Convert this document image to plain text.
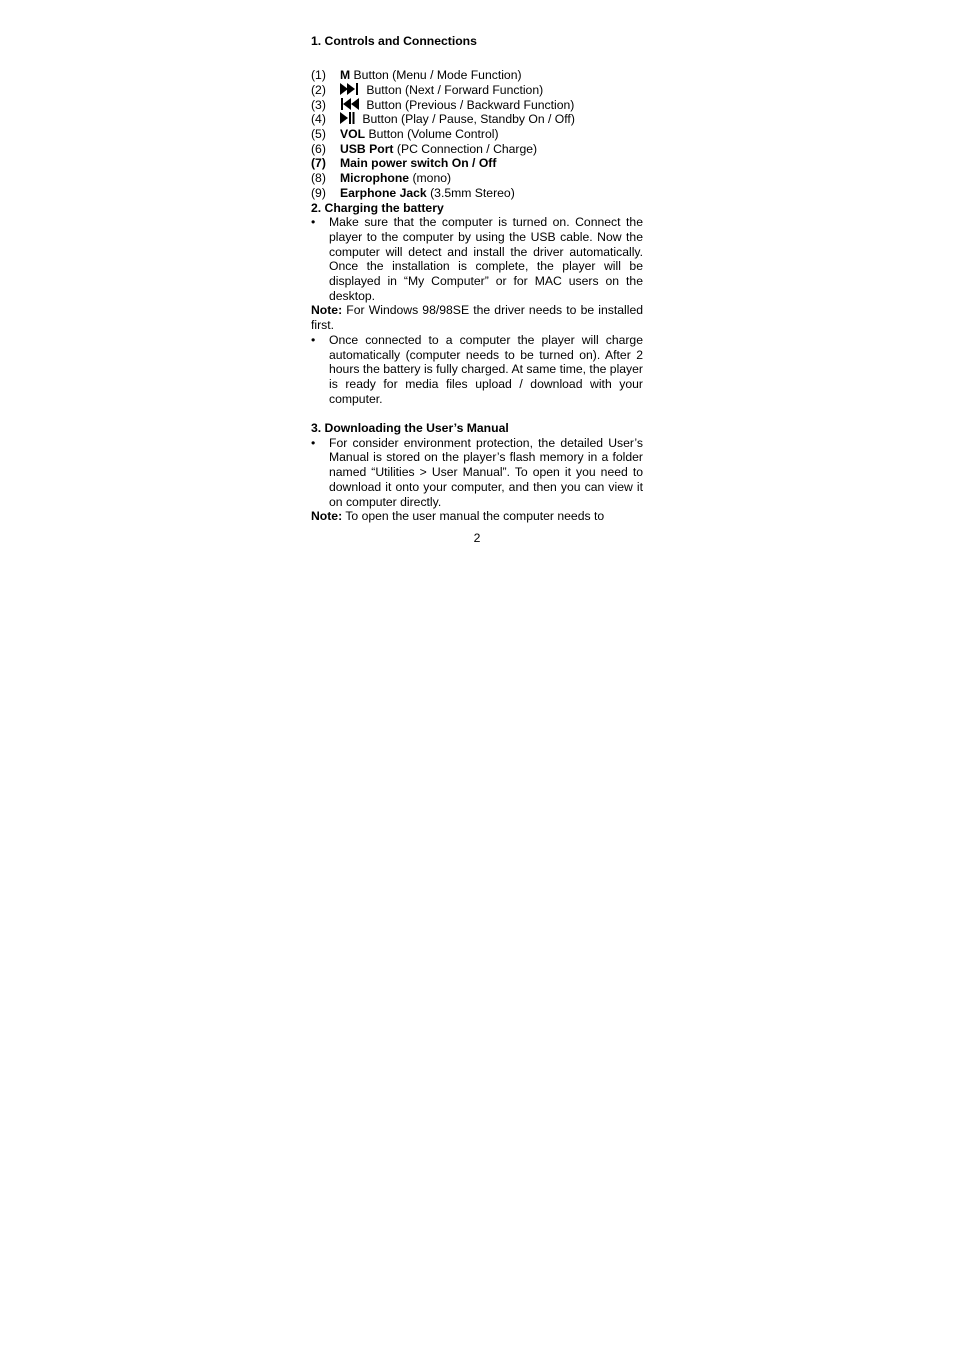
1. Controls and Connections
(1)	M Button (Menu / Mode Function)
(2)	Button (Next / Forward Function)
(3)	Button (Previous / Backward Function)
(4)	Button (Play / Pause, Standby On / Off)
(5)	VOL Button (Volume Control)
(6)	USB Port (PC Connection / Charge)
(7)	Main power switch On / Off
(8)	Microphone (mono)
(9)	Earphone Jack (3.5mm Stereo)
2. Charging the battery
•	Make sure that the computer is turned on. Connect the player to the computer by using the USB cable. Now the computer will detect and install the driver automatically. Once the installation is complete, the player will be displayed in “My Computer” or for MAC users on the desktop.
Note: For Windows 98/98SE the driver needs to be installed first.
•	Once connected to a computer the player will charge automatically (computer needs to be turned on). After 2 hours the battery is fully charged. At same time, the player is ready for media files upload / download with your computer.
3. Downloading the User’s Manual
•	For consider environment protection, the detailed User’s Manual is stored on the player’s flash memory in a folder named “Utilities > User Manual”. To open it you need to download it onto your computer, and then you can view it on computer directly.
Note: To open the user manual the computer needs to
2
